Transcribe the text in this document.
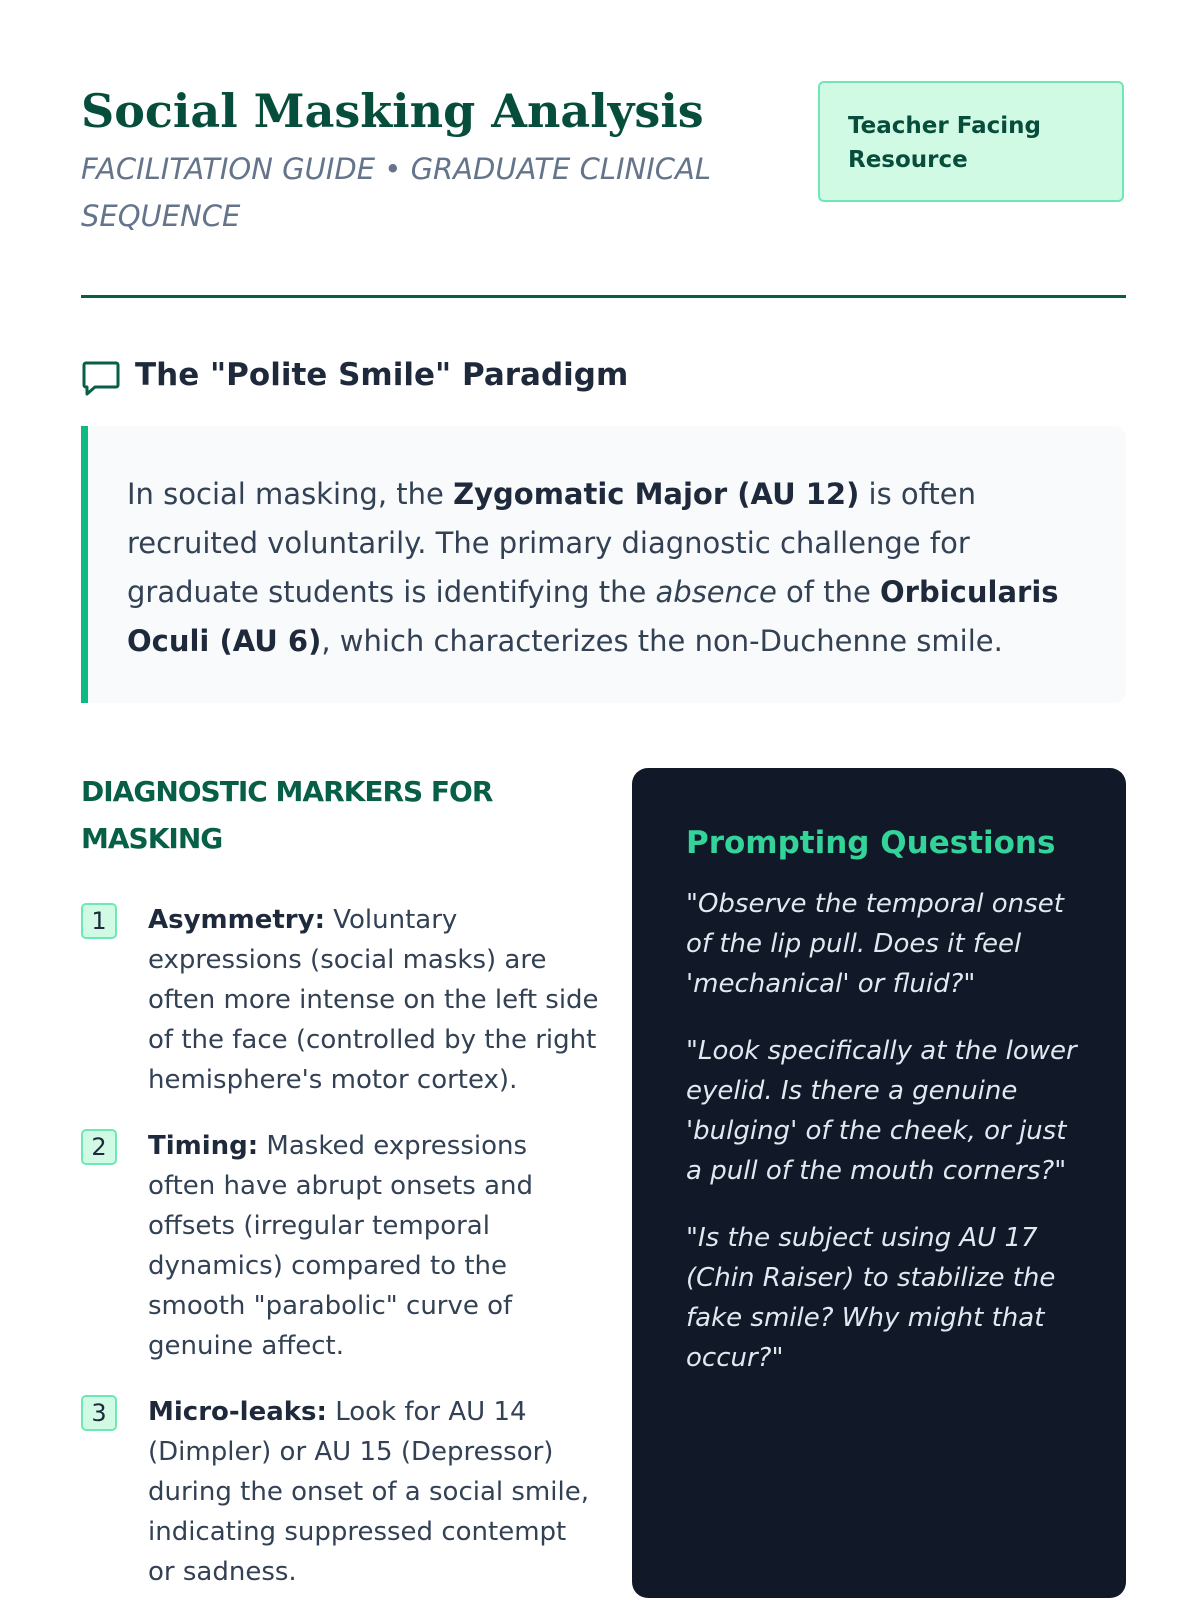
Social Masking Analysis

FACILITATION GUIDE • GRADUATE CLINICAL SEQUENCE

Teacher Facing Resource
The "Polite Smile" Paradigm
In social masking, the Zygomatic Major (AU 12) is often recruited voluntarily. The primary diagnostic challenge for graduate students is identifying the absence of the Orbicularis Oculi (AU 6), which characterizes the non-Duchenne smile.
DIAGNOSTIC MARKERS FOR MASKING
1	Asymmetry: Voluntary expressions (social masks) are often more intense on the left side of the face (controlled by the right hemisphere's motor cortex).
2	Timing: Masked expressions often have abrupt onsets and offsets (irregular temporal dynamics) compared to the smooth "parabolic" curve of genuine affect.
3	Micro-leaks: Look for AU 14 (Dimpler) or AU 15 (Depressor) during the onset of a social smile, indicating suppressed contempt or sadness.
Prompting Questions

"Observe the temporal onset of the lip pull. Does it feel 'mechanical' or fluid?"

"Look specifically at the lower eyelid. Is there a genuine 'bulging' of the cheek, or just a pull of the mouth corners?"

"Is the subject using AU 17 (Chin Raiser) to stabilize the fake smile? Why might that occur?"
